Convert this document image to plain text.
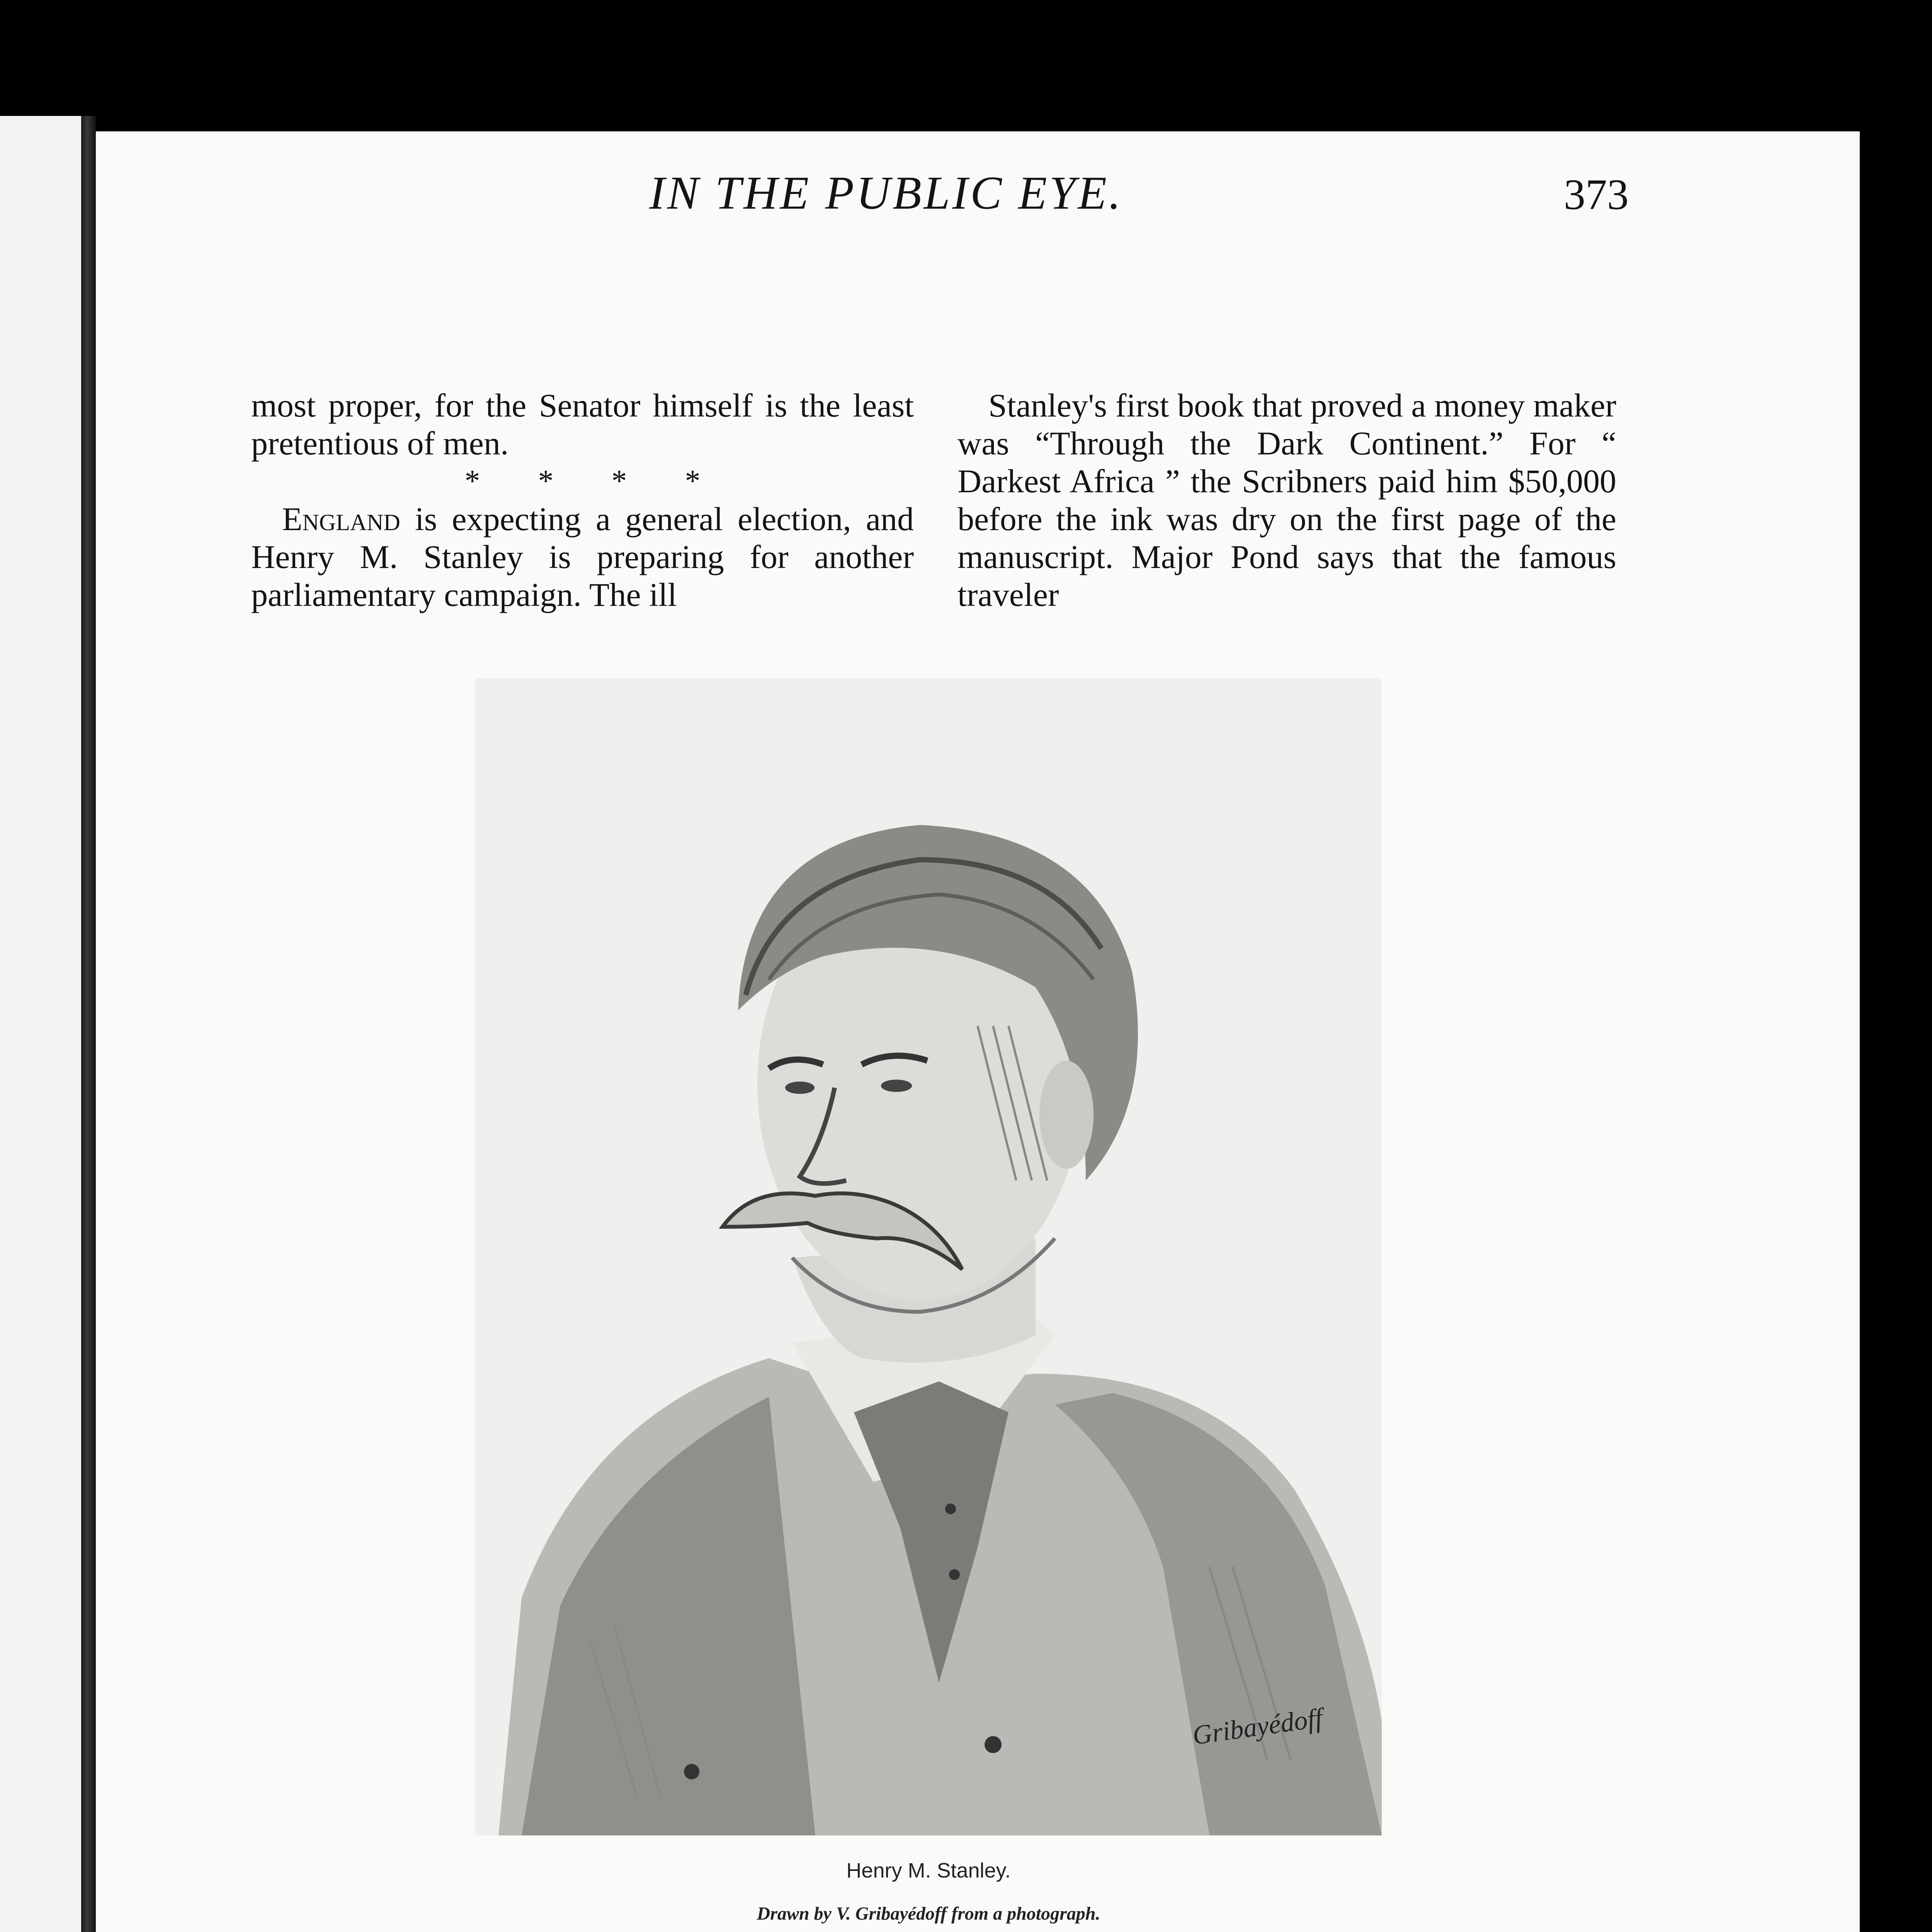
IN THE PUBLIC EYE.	373

most proper, for the Senator himself is the least pretentious of men.

* * * *

England is expecting a general election, and Henry M. Stanley is preparing for another parliamentary campaign. The ill

Stanley's first book that proved a money maker was “Through the Dark Continent.” For “ Darkest Africa ” the Scribners paid him $50,000 before the ink was dry on the first page of the manuscript. Major Pond says that the famous traveler

Gribayédoff
Henry M. Stanley.
Drawn by V. Gribayédoff from a photograph.
